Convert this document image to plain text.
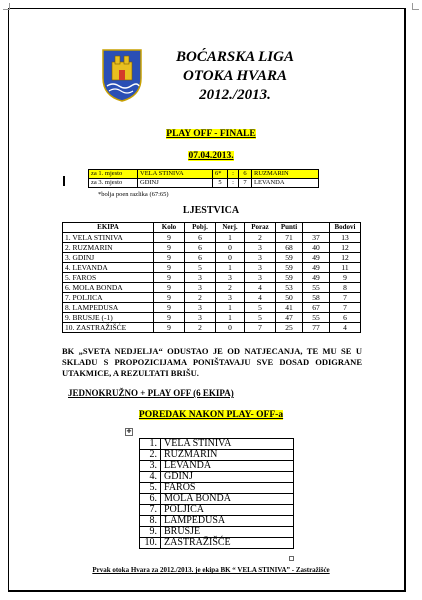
BOĆARSKA LIGA
OTOKA HVARA
2012./2013.
PLAY OFF - FINALE
07.04.2013.
za 1. mjesto	VELA STINIVA	6*	:	6	RUZMARIN
za 3. mjesto	GDINJ	5	:	7	LEVANDA
*bolja poen razlika (67:65)
LJESTVICA
EKIPA	Kolo	Pobj.	Nerj.	Poraz	Punti		Bodovi
1. VELA STINIVA	9	6	1	2	71	37	13
2. RUZMARIN	9	6	0	3	68	40	12
3. GDINJ	9	6	0	3	59	49	12
4. LEVANDA	9	5	1	3	59	49	11
5. FAROS	9	3	3	3	59	49	9
6. MOLA BONDA	9	3	2	4	53	55	8
7. POLJICA	9	2	3	4	50	58	7
8. LAMPEDUSA	9	3	1	5	41	67	7
9. BRUSJE (-1)	9	3	1	5	47	55	6
10. ZASTRAŽIŠĆE	9	2	0	7	25	77	4
BK „SVETA NEDJELJA“ ODUSTAO JE OD NATJECANJA, TE MU SE U SKLADU S PROPOZICIJAMA PONIŠTAVAJU SVE DOSAD ODIGRANE UTAKMICE, A REZULTATI BRIŠU.
JEDNOKRUŽNO + PLAY OFF (6 EKIPA)
POREDAK NAKON PLAY- OFF-a
✚
1.	VELA STINIVA
2.	RUZMARIN
3.	LEVANDA
4.	GDINJ
5.	FAROS
6.	MOLA BONDA
7.	POLJICA
8.	LAMPEDUSA
9.	BRUSJE
10.	ZASTRAŽIŠĆE
Prvak otoka Hvara za 2012./2013. je ekipa BK “ VELA STINIVA” - Zastražišće
